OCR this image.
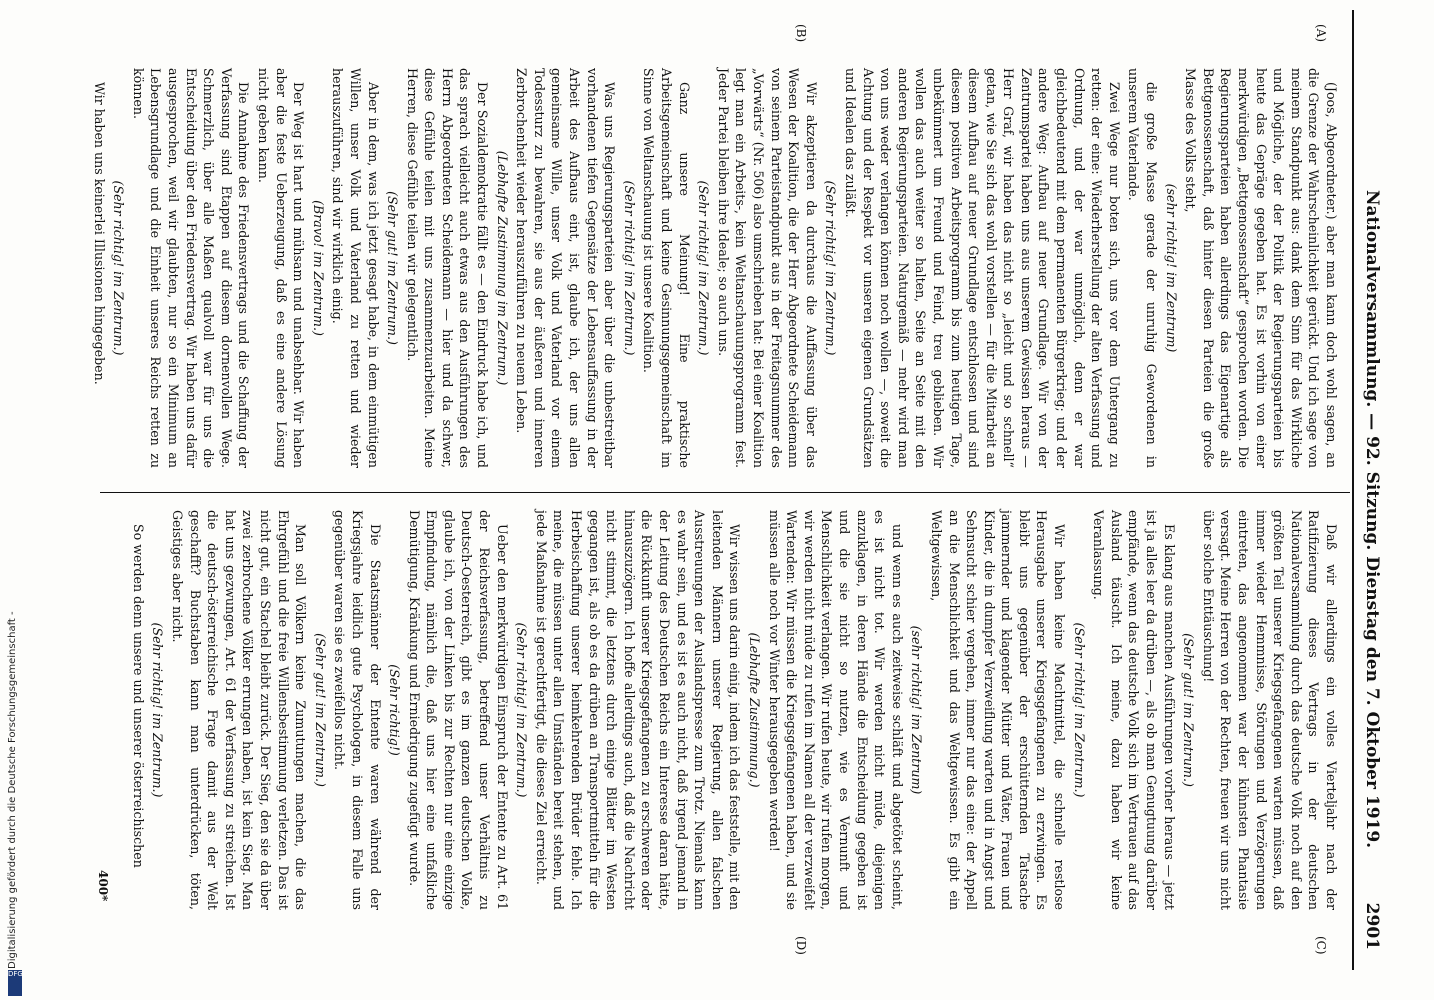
Nationalversammlung. — 92. Sitzung. Dienstag den 7. Oktober 1919.
2901
(A)
(B)
(C)
(D)

(Joos, Abgeordneter.) aber man kann doch wohl sagen, an die Grenze der Wahrscheinlichkeit gerückt. Und ich sage von meinem Standpunkt aus: dank dem Sinn für das Wirkliche und Mögliche, der der Politik der Regierungsparteien bis heute das Gepräge gegeben hat. Es ist vorhin von einer merkwürdigen „Bettgenossenschaft“ gesprochen worden. Die Regierungsparteien haben allerdings das Eigenartige als Bettgenossenschaft, daß hinter diesen Parteien die große Masse des Volks steht,

(sehr richtig! im Zentrum)

die große Masse gerade der unruhig Gewordenen in unserem Vaterlande.

Zwei Wege nur boten sich, uns vor dem Untergang zu retten: der eine: Wiederherstellung der alten Verfassung und Ordnung, und der war unmöglich, denn er war gleichbedeutend mit dem permanenten Bürgerkrieg; und der andere Weg: Aufbau auf neuer Grundlage. Wir von der Zentrumspartei haben uns aus unserem Gewissen heraus — Herr Graf, wir haben das nicht so „leicht und so schnell“ getan, wie Sie sich das wohl vorstellen — für die Mitarbeit an diesem Aufbau auf neuer Grundlage entschlossen und sind diesem positiven Arbeitsprogramm bis zum heutigen Tage, unbekümmert um Freund und Feind, treu geblieben. Wir wollen das auch weiter so halten, Seite an Seite mit den anderen Regierungsparteien. Naturgemäß — mehr wird man von uns weder verlangen können noch wollen —, soweit die Achtung und der Respekt vor unseren eigenen Grundsätzen und Idealen das zuläßt.

(Sehr richtig! im Zentrum.)

Wir akzeptieren da durchaus die Auffassung über das Wesen der Koalition, die der Herr Abgeordnete Scheidemann von seinem Parteistandpunkt aus in der Freitagsnummer des „Vorwärts“ (Nr. 506) also umschrieben hat: Bei einer Koalition legt man ein Arbeits-, kein Weltanschauungsprogramm fest. Jeder Partei bleiben ihre Ideale; so auch uns.

(Sehr richtig! im Zentrum.)

Ganz unsere Meinung! Eine praktische Arbeitsgemeinschaft und keine Gesinnungsgemeinschaft im Sinne von Weltanschauung ist unsere Koalition.

(Sehr richtig! im Zentrum.)

Was uns Regierungsparteien aber über die unbestreitbar vorhandenen tiefen Gegensätze der Lebensauffassung in der Arbeit des Aufbaus eint, ist, glaube ich, der uns allen gemeinsame Wille, unser Volk und Vaterland vor einem Todessturz zu bewahren, sie aus der äußeren und inneren Zerbrochenheit wieder herauszuführen zu neuem Leben.

(Lebhafte Zustimmung im Zentrum.)

Der Sozialdemokratie fällt es — den Eindruck habe ich, und das sprach vielleicht auch etwas aus den Ausführungen des Herrn Abgeordneten Scheidemann — hier und da schwer, diese Gefühle teilen mit uns zusammenzuarbeiten. Meine Herren, diese Gefühle teilen wir gelegentlich.

(Sehr gut! im Zentrum.)

Aber in dem, was ich jetzt gesagt habe, in dem einmütigen Willen, unser Volk und Vaterland zu retten und wieder herauszuführen, sind wir wirklich einig.

(Bravo! im Zentrum.)

Der Weg ist hart und mühsam und unabsehbar. Wir haben aber die feste Ueberzeugung, daß es eine andere Lösung nicht geben kann.

Die Annahme des Friedensvertrags und die Schaffung der Verfassung sind Etappen auf diesem dornenvollen Wege. Schmerzlich, über alle Maßen qualvoll war für uns die Entscheidung über den Friedensvertrag. Wir haben uns dafür ausgesprochen, weil wir glaubten, nur so ein Minimum an Lebensgrundlage und die Einheit unseres Reichs retten zu können.

(Sehr richtig! im Zentrum.)

Wir haben uns keinerlei Illusionen hingegeben.

Daß wir allerdings ein volles Vierteljahr nach der Ratifizierung dieses Vertrags in der deutschen Nationalversammlung durch das deutsche Volk noch auf den größten Teil unserer Kriegsgefangenen warten müssen, daß immer wieder Hemmnisse, Störungen und Verzögerungen eintreten, das angenommen war der kühnsten Phantasie versagt. Meine Herren von der Rechten, freuen wir uns nicht über solche Enttäuschung!

(Sehr gut! im Zentrum.)

Es klang aus manchen Ausführungen vorher heraus — jetzt ist ja alles leer da drüben —, als ob man Genugtuung darüber empfände, wenn das deutsche Volk sich im Vertrauen auf das Ausland täuscht. Ich meine, dazu haben wir keine Veranlassung.

(Sehr richtig! im Zentrum.)

Wir haben keine Machtmittel, die schnelle restlose Herausgabe unserer Kriegsgefangenen zu erzwingen. Es bleibt uns gegenüber der erschütternden Tatsache jammernder und klagender Mütter und Väter, Frauen und Kinder, die in dumpfer Verzweiflung warten und in Angst und Sehnsucht schier vergehen, immer nur das eine: der Appell an die Menschlichkeit und das Weltgewissen. Es gibt ein Weltgewissen,

(sehr richtig! im Zentrum)

und wenn es auch zeitweise schläft und abgetötet scheint, es ist nicht tot. Wir werden nicht müde, diejenigen anzuklagen, in deren Hände die Entscheidung gegeben ist und die sie nicht so nutzen, wie es Vernunft und Menschlichkeit verlangen. Wir rufen heute, wir rufen morgen, wir werden nicht müde zu rufen im Namen all der verzweifelt Wartenden: Wir müssen die Kriegsgefangenen haben, und sie müssen alle noch vor Winter herausgegeben werden!

(Lebhafte Zustimmung.)

Wir wissen uns darin einig, indem ich das feststelle, mit den leitenden Männern unserer Regierung, allen falschen Ausstreuungen der Auslandspresse zum Trotz. Niemals kann es wahr sein, und es ist es auch nicht, daß irgend jemand in der Leitung des Deutschen Reichs ein Interesse daran hätte, die Rückkunft unserer Kriegsgefangenen zu erschweren oder hinauszuzögern. Ich hoffe allerdings auch, daß die Nachricht nicht stimmt, die letztens durch einige Blätter im Westen gegangen ist, als ob es da drüben an Transportmitteln für die Herbeischaffung unserer heimkehrenden Brüder fehle. Ich meine, die müssen unter allen Umständen bereit stehen, und jede Maßnahme ist gerechtfertigt, die dieses Ziel erreicht.

(Sehr richtig! im Zentrum.)

Ueber den merkwürdigen Einspruch der Entente zu Art. 61 der Reichsverfassung, betreffend unser Verhältnis zu Deutsch-Oesterreich, gibt es im ganzen deutschen Volke, glaube ich, von der Linken bis zur Rechten nur eine einzige Empfindung, nämlich die, daß uns hier eine unfaßliche Demütigung, Kränkung und Erniedrigung zugefügt wurde.

(Sehr richtig!)

Die Staatsmänner der Entente waren während der Kriegsjahre leidlich gute Psychologen, in diesem Falle uns gegenüber waren sie es zweifellos nicht.

(Sehr gut! im Zentrum.)

Man soll Völkern keine Zumutungen machen, die das Ehrgefühl und die freie Willensbestimmung verletzen. Das ist nicht gut, ein Stachel bleibt zurück. Der Sieg, den sie da über zwei zerbrochene Völker errungen haben, ist kein Sieg. Man hat uns gezwungen, Art. 61 der Verfassung zu streichen. Ist die deutsch-österreichische Frage damit aus der Welt geschafft? Buchstaben kann man unterdrücken, töten, Geistiges aber nicht.

(Sehr richtig! im Zentrum.)

So werden denn unsere und unserer österreichischen

400*
Digitalisierung gefördert durch die Deutsche Forschungsgemeinschaft -
DFG
